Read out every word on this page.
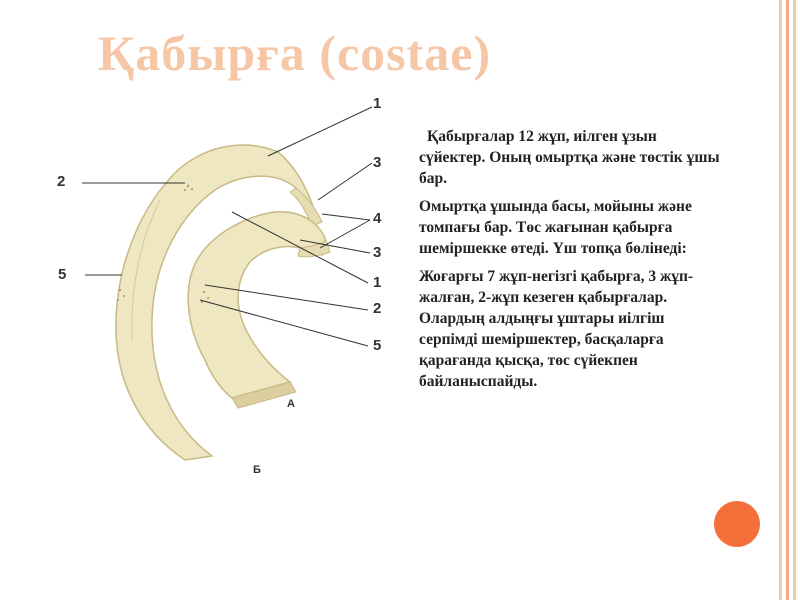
Қабырға (costae)
1
3
2
4
3
5	1
2
5
А
Б

Қабырғалар 12 жұп, иілген ұзын сүйектер. Оның омыртқа және төстік ұшы бар.

Омыртқа ұшында басы, мойыны және томпағы бар. Төс жағынан қабырға шеміршекке өтеді. Үш топқа бөлінеді:

Жоғарғы 7 жұп-негізгі қабырға, 3 жұп-жалған, 2-жұп кезеген қабырғалар. Олардың алдыңғы ұштары иілгіш серпімді шеміршектер, басқаларға қарағанда қысқа, төс сүйекпен байланыспайды.
